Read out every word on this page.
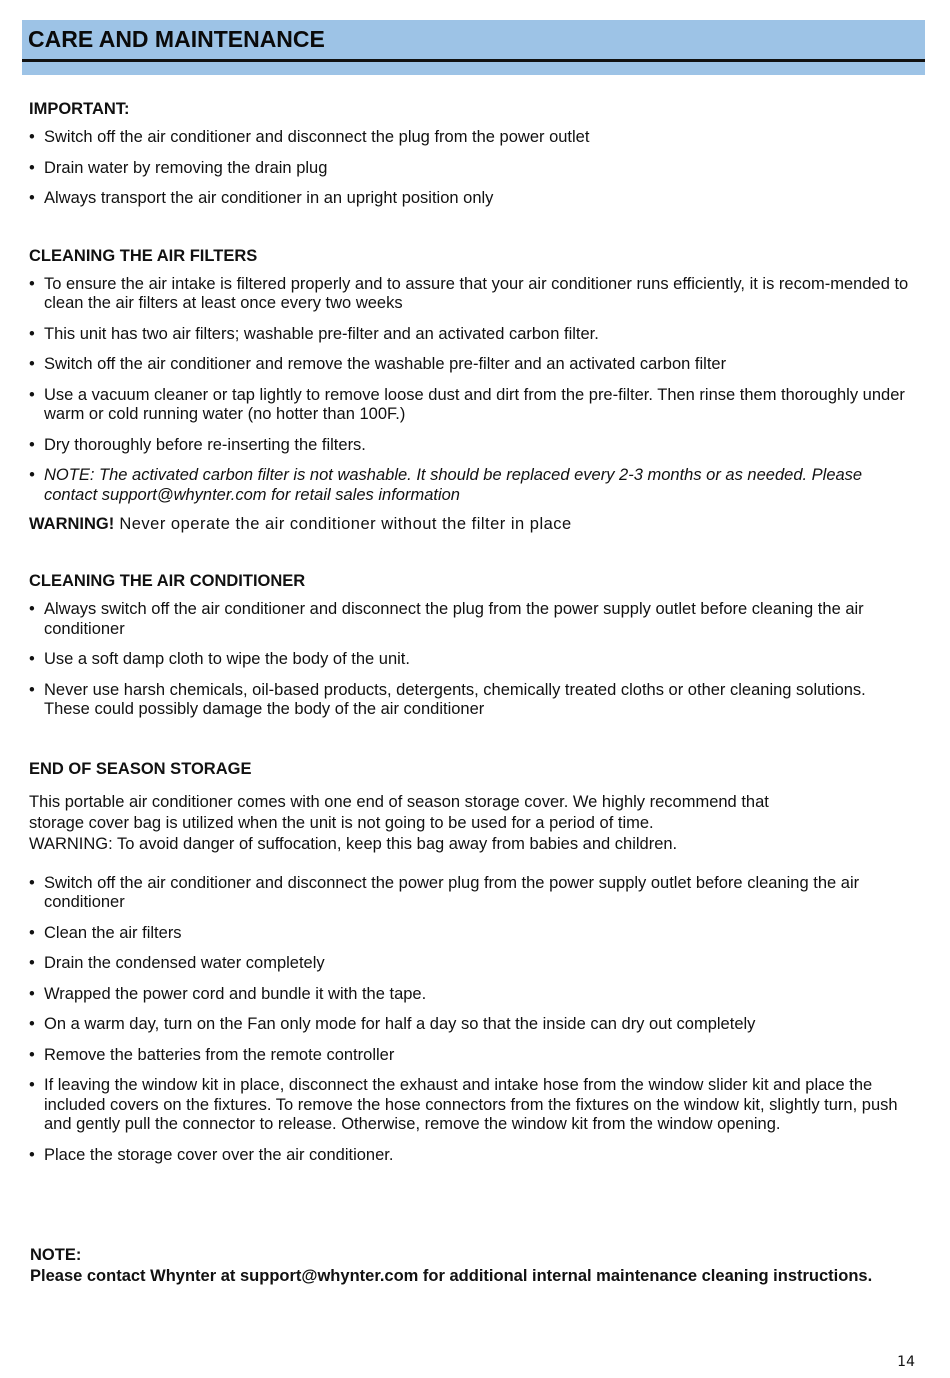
CARE AND MAINTENANCE
IMPORTANT:
• Switch off the air conditioner and disconnect the plug from the power outlet
• Drain water by removing the drain plug
• Always transport the air conditioner in an upright position only
CLEANING THE AIR FILTERS
• To ensure the air intake is filtered properly and to assure that your air conditioner runs efficiently, it is recom-mended to clean the air filters at least once every two weeks
• This unit has two air filters; washable pre-filter and an activated carbon filter.
• Switch off the air conditioner and remove the washable pre-filter and an activated carbon filter
• Use a vacuum cleaner or tap lightly to remove loose dust and dirt from the pre-filter. Then rinse them thoroughly under warm or cold running water (no hotter than 100F.)
• Dry thoroughly before re-inserting the filters.
• NOTE: The activated carbon filter is not washable. It should be replaced every 2-3 months or as needed. Please contact support@whynter.com for retail sales information
WARNING! Never operate the air conditioner without the filter in place
CLEANING THE AIR CONDITIONER
• Always switch off the air conditioner and disconnect the plug from the power supply outlet before cleaning the air conditioner
• Use a soft damp cloth to wipe the body of the unit.
• Never use harsh chemicals, oil-based products, detergents, chemically treated cloths or other cleaning solutions. These could possibly damage the body of the air conditioner
END OF SEASON STORAGE
This portable air conditioner comes with one end of season storage cover. We highly recommend that
storage cover bag is utilized when the unit is not going to be used for a period of time.
WARNING: To avoid danger of suffocation, keep this bag away from babies and children.
• Switch off the air conditioner and disconnect the power plug from the power supply outlet before cleaning the air conditioner
• Clean the air filters
• Drain the condensed water completely
• Wrapped the power cord and bundle it with the tape.
• On a warm day, turn on the Fan only mode for half a day so that the inside can dry out completely
• Remove the batteries from the remote controller
• If leaving the window kit in place, disconnect the exhaust and intake hose from the window slider kit and place the included covers on the fixtures. To remove the hose connectors from the fixtures on the window kit, slightly turn, push and gently pull the connector to release. Otherwise, remove the window kit from the window opening.
• Place the storage cover over the air conditioner.
NOTE:
Please contact Whynter at support@whynter.com for additional internal maintenance cleaning instructions.
14
